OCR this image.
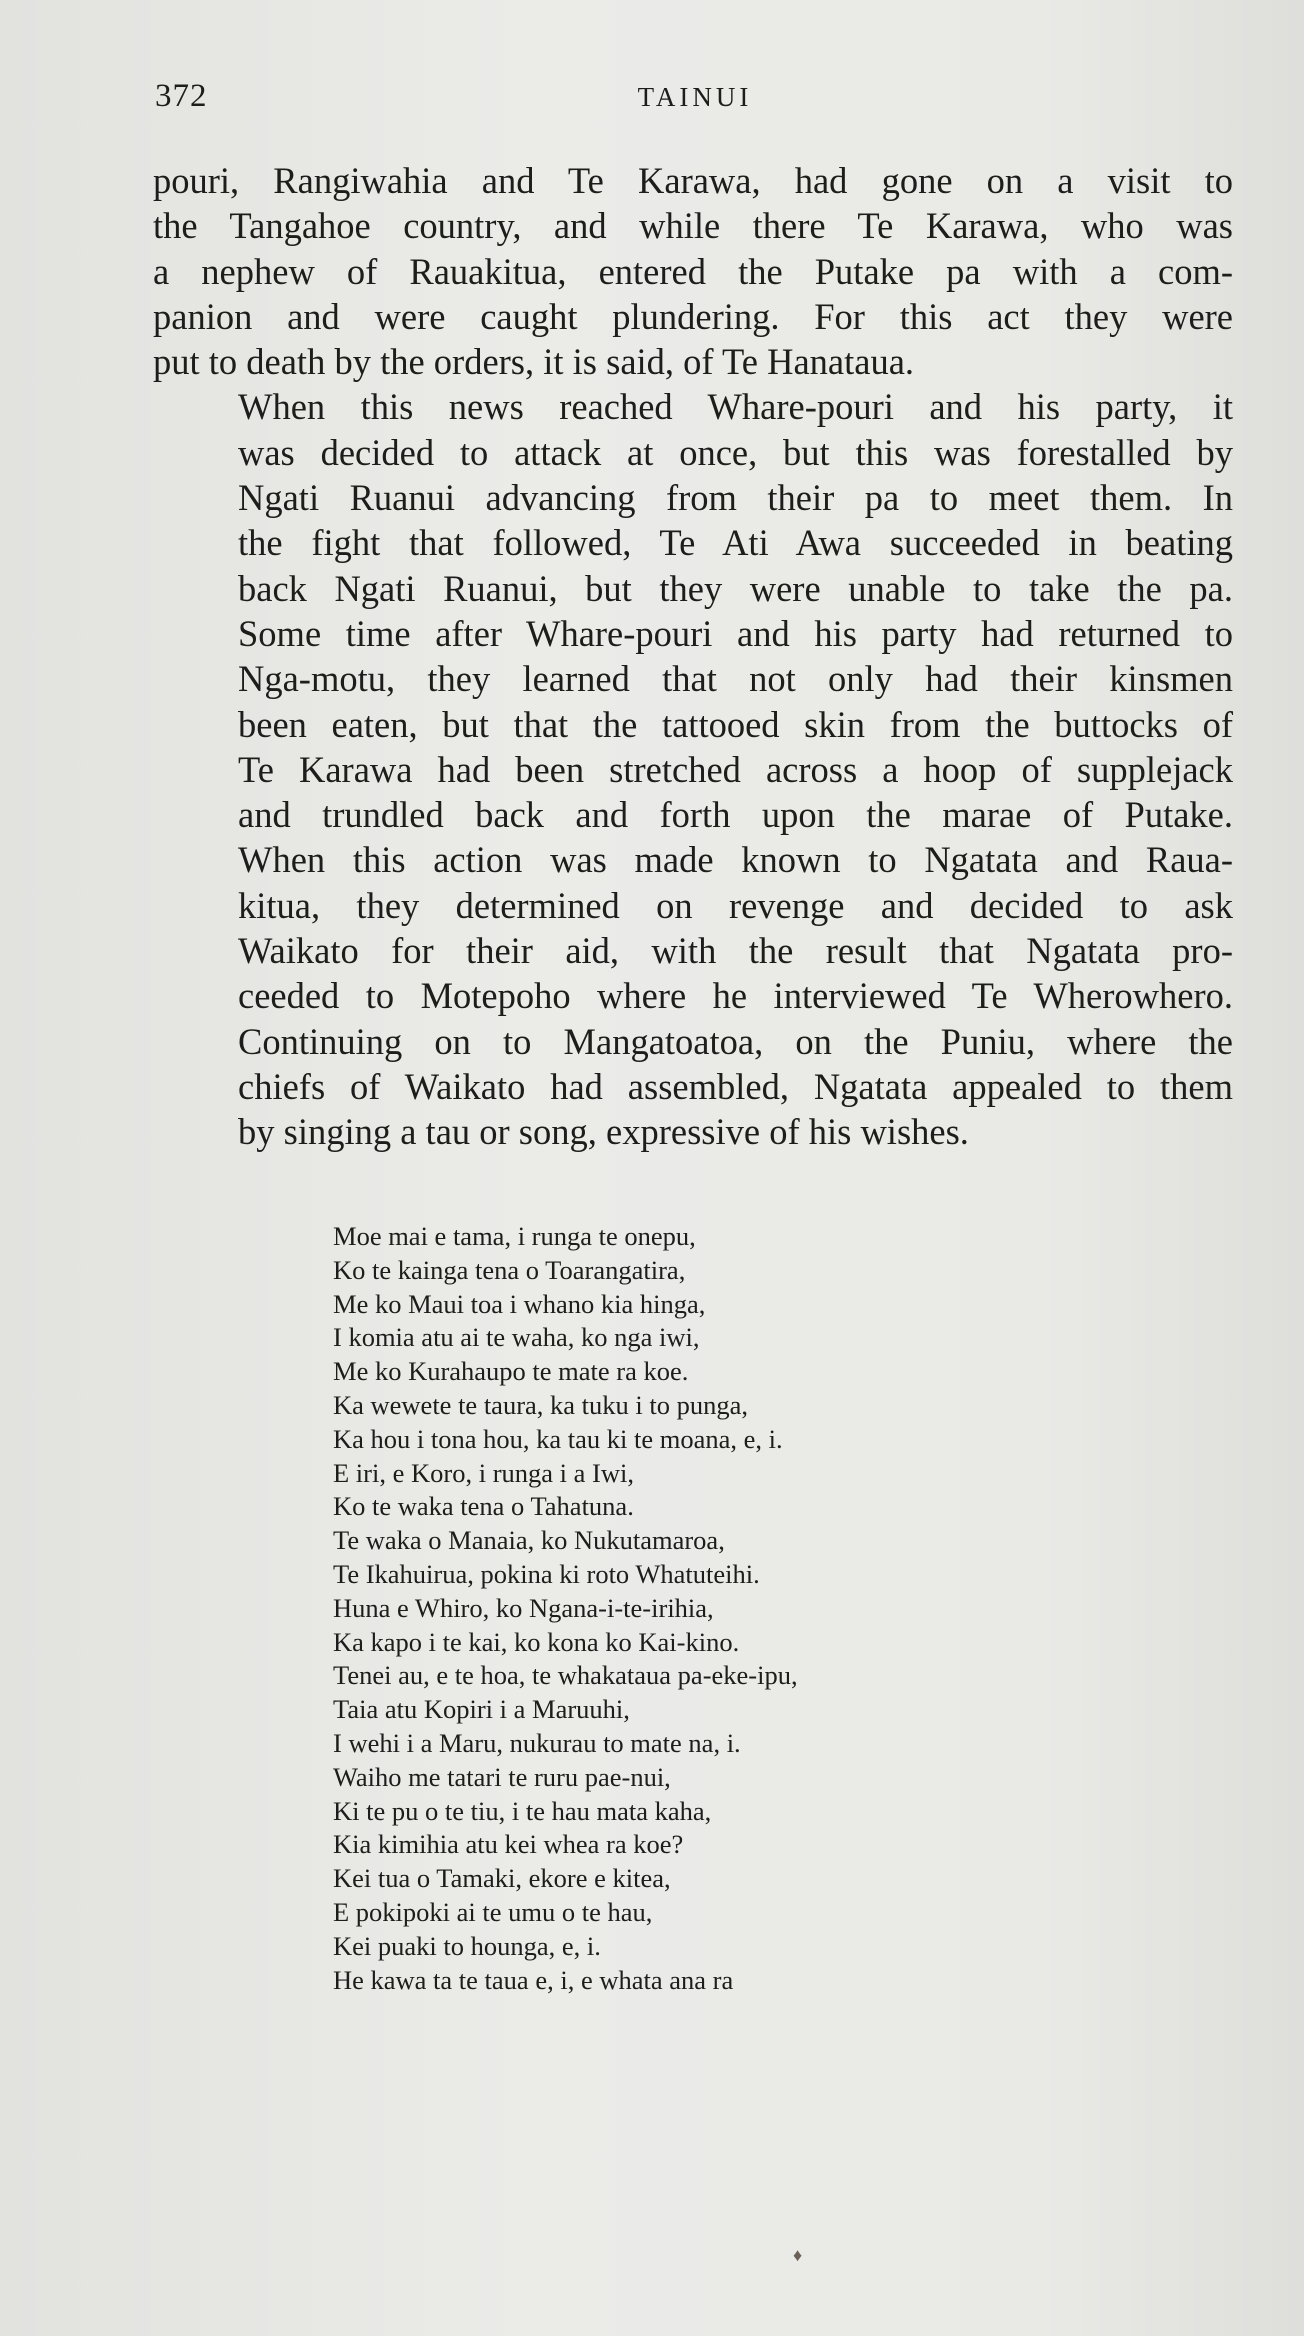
372	TAINUI

pouri, Rangiwahia and Te Karawa, had gone on a visit to
the Tangahoe country, and while there Te Karawa, who was
a nephew of Rauakitua, entered the Putake pa with a com-
panion and were caught plundering. For this act they were
put to death by the orders, it is said, of Te Hanataua.

When this news reached Whare-pouri and his party, it
was decided to attack at once, but this was forestalled by
Ngati Ruanui advancing from their pa to meet them. In
the fight that followed, Te Ati Awa succeeded in beating
back Ngati Ruanui, but they were unable to take the pa.
Some time after Whare-pouri and his party had returned to
Nga-motu, they learned that not only had their kinsmen
been eaten, but that the tattooed skin from the buttocks of
Te Karawa had been stretched across a hoop of supplejack
and trundled back and forth upon the marae of Putake.
When this action was made known to Ngatata and Raua-
kitua, they determined on revenge and decided to ask
Waikato for their aid, with the result that Ngatata pro-
ceeded to Motepoho where he interviewed Te Wherowhero.
Continuing on to Mangatoatoa, on the Puniu, where the
chiefs of Waikato had assembled, Ngatata appealed to them
by singing a tau or song, expressive of his wishes.

Moe mai e tama, i runga te onepu,
Ko te kainga tena o Toarangatira,
Me ko Maui toa i whano kia hinga,
I komia atu ai te waha, ko nga iwi,
Me ko Kurahaupo te mate ra koe.
Ka wewete te taura, ka tuku i to punga,
Ka hou i tona hou, ka tau ki te moana, e, i.
E iri, e Koro, i runga i a Iwi,
Ko te waka tena o Tahatuna.
Te waka o Manaia, ko Nukutamaroa,
Te Ikahuirua, pokina ki roto Whatuteihi.
Huna e Whiro, ko Ngana-i-te-irihia,
Ka kapo i te kai, ko kona ko Kai-kino.
Tenei au, e te hoa, te whakataua pa-eke-ipu,
Taia atu Kopiri i a Maruuhi,
I wehi i a Maru, nukurau to mate na, i.
Waiho me tatari te ruru pae-nui,
Ki te pu o te tiu, i te hau mata kaha,
Kia kimihia atu kei whea ra koe?
Kei tua o Tamaki, ekore e kitea,
E pokipoki ai te umu o te hau,
Kei puaki to hounga, e, i.
He kawa ta te taua e, i, e whata ana ra
♦
